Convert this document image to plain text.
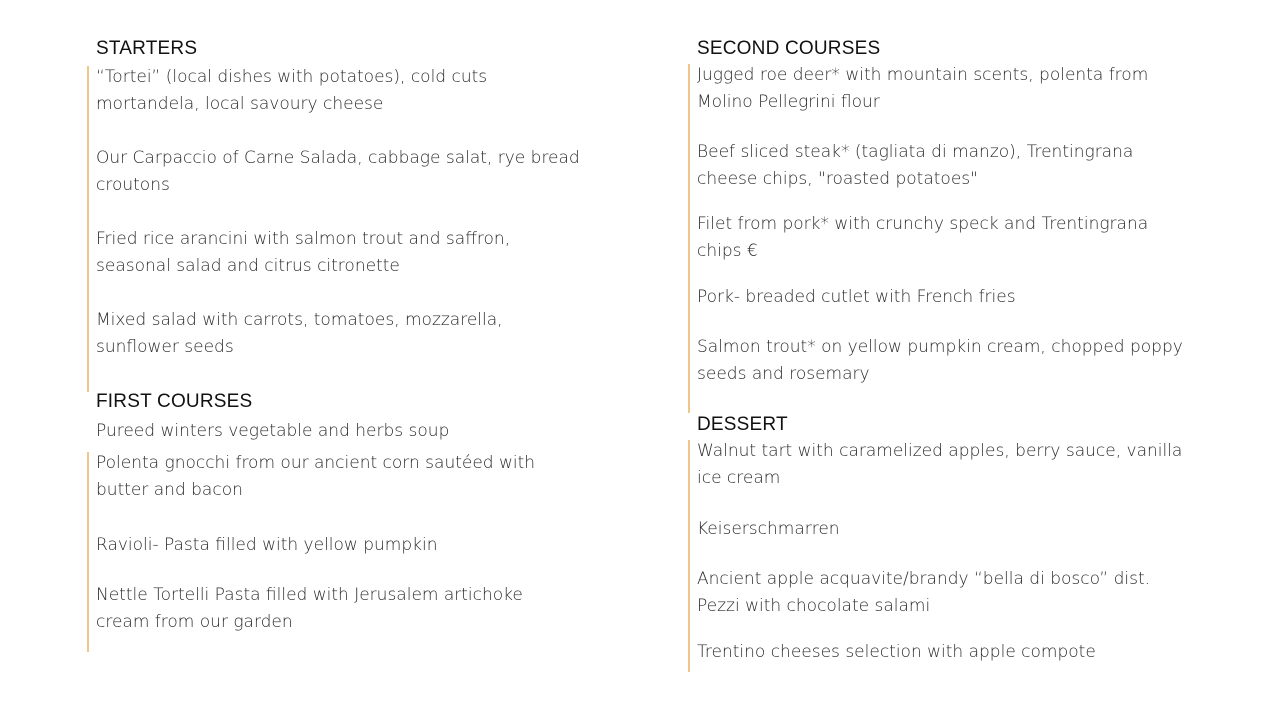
STARTERS
“Tortei” (local dishes with potatoes), cold cuts mortandela, local savoury cheese
Our Carpaccio of Carne Salada, cabbage salat, rye bread croutons
Fried rice arancini with salmon trout and saffron, seasonal salad and citrus citronette
Mixed salad with carrots, tomatoes, mozzarella, sunflower seeds
FIRST COURSES
Pureed winters vegetable and herbs soup
Polenta gnocchi from our ancient corn sautéed with butter and bacon
Ravioli- Pasta filled with yellow pumpkin
Nettle Tortelli Pasta filled with Jerusalem artichoke cream from our garden
SECOND COURSES
Jugged roe deer* with mountain scents, polenta from Molino Pellegrini flour
Beef sliced steak* (tagliata di manzo), Trentingrana cheese chips, "roasted potatoes"
Filet from pork* with crunchy speck and Trentingrana chips €
Pork- breaded cutlet with French fries
Salmon trout* on yellow pumpkin cream, chopped poppy seeds and rosemary
DESSERT
Walnut tart with caramelized apples, berry sauce, vanilla ice cream
Keiserschmarren
Ancient apple acquavite/brandy “bella di bosco” dist. Pezzi with chocolate salami
Trentino cheeses selection with apple compote
